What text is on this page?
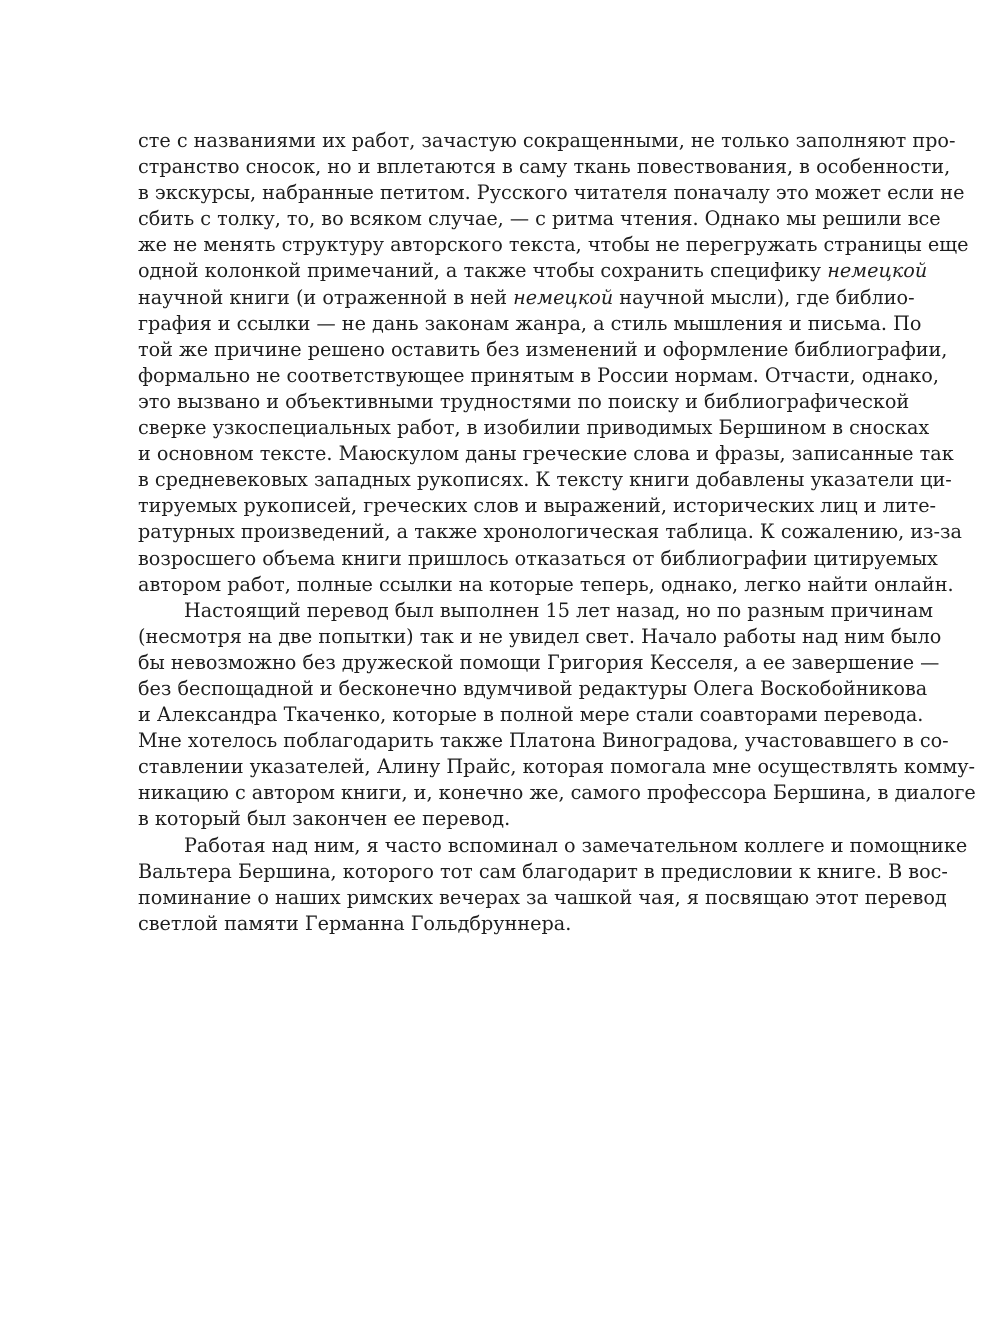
сте с названиями их работ, зачастую сокращенными, не только заполняют про-
странство сносок, но и вплетаются в саму ткань повествования, в особенности,
в экскурсы, набранные петитом. Русского читателя поначалу это может если не
сбить с толку, то, во всяком случае, — с ритма чтения. Однако мы решили все
же не менять структуру авторского текста, чтобы не перегружать страницы еще
одной колонкой примечаний, а также чтобы сохранить специфику немецкой
научной книги (и отраженной в ней немецкой научной мысли), где библио-
графия и ссылки — не дань законам жанра, а стиль мышления и письма. По
той же причине решено оставить без изменений и оформление библиографии,
формально не соответствующее принятым в России нормам. Отчасти, однако,
это вызвано и объективными трудностями по поиску и библиографической
сверке узкоспециальных работ, в изобилии приводимых Бершином в сносках
и основном тексте. Маюскулом даны греческие слова и фразы, записанные так
в средневековых западных рукописях. К тексту книги добавлены указатели ци-
тируемых рукописей, греческих слов и выражений, исторических лиц и лите-
ратурных произведений, а также хронологическая таблица. К сожалению, из-за
возросшего объема книги пришлось отказаться от библиографии цитируемых
автором работ, полные ссылки на которые теперь, однако, легко найти онлайн.

Настоящий перевод был выполнен 15 лет назад, но по разным причинам
(несмотря на две попытки) так и не увидел свет. Начало работы над ним было
бы невозможно без дружеской помощи Григория Кесселя, а ее завершение —
без беспощадной и бесконечно вдумчивой редактуры Олега Воскобойникова
и Александра Ткаченко, которые в полной мере стали соавторами перевода.
Мне хотелось поблагодарить также Платона Виноградова, участовавшего в со-
ставлении указателей, Алину Прайс, которая помогала мне осуществлять комму-
никацию с автором книги, и, конечно же, самого профессора Бершина, в диалоге
в который был закончен ее перевод.

Работая над ним, я часто вспоминал о замечательном коллеге и помощнике
Вальтера Бершина, которого тот сам благодарит в предисловии к книге. В вос-
поминание о наших римских вечерах за чашкой чая, я посвящаю этот перевод
светлой памяти Германна Гольдбруннера.
